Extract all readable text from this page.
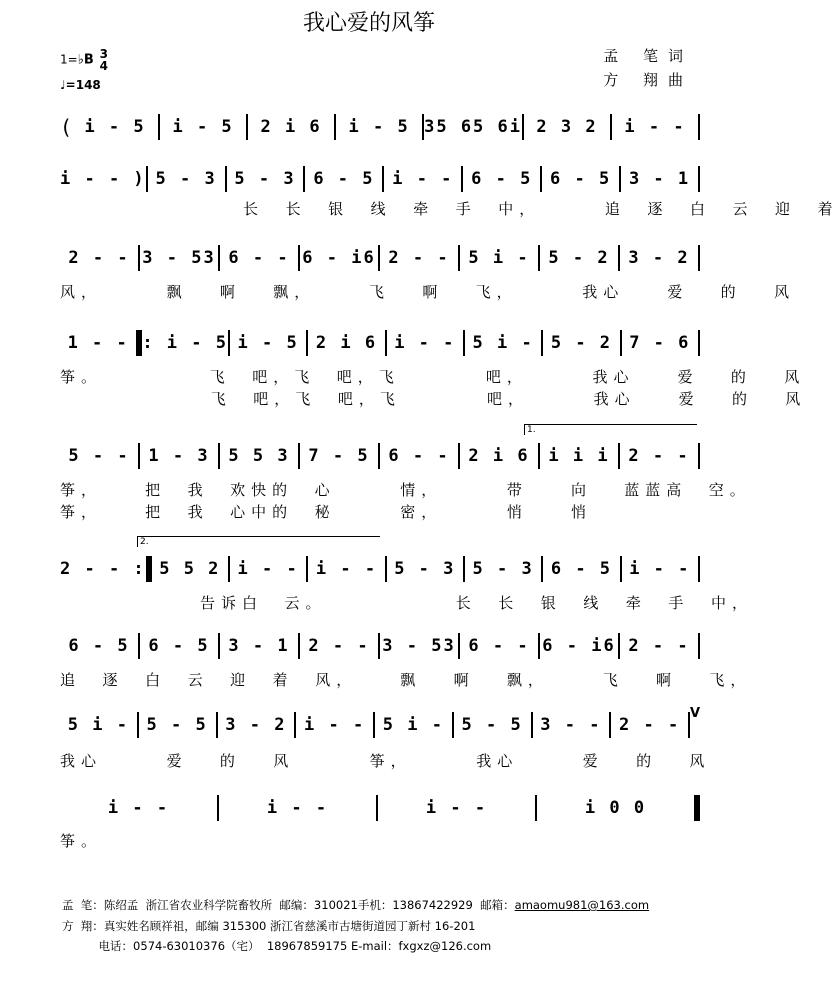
我心爱的风筝
孟 笔词
方 翔曲
1=♭B 3
4
♩=148
( i - 5	i - 5	2 i 6	i - 5 35 65 6i 2 3 2	i - -
i - - ) 5 - 3	5 - 3	6 - 5	i - -	6 - 5	6 - 5	3 - 1
2 - - 3 - 53 6 - - 6 - i6 2 - -	5 i -	5 - 2	3 - 2
1 - - : i - 5 i - 5	2 i 6	i - -	5 i -	5 - 2	7 - 6
5 - -	1 - 3	5 5 3	7 - 5	6 - -	2 i 6	i i i	2 - -
2 - - : 5 5 2	i - -	i - -	5 - 3	5 - 3	6 - 5	i - -
6 - 5	6 - 5	3 - 1	2 - - 3 - 53 6 - - 6 - i6 2 - -
5 i -	5 - 5	3 - 2	i - -	5 i -	5 - 5	3 - -	2 - -
V
i - -	i - -	i - -	i 0 0
长  长  银  线  牵  手  中，      追  逐  白  云  迎  着
风，      飘   啊   飘，     飞   啊   飞，      我心    爱   的   风
筝。          飞  吧，飞  吧，飞        吧，      我心    爱   的   风
飞  吧，飞  吧，飞        吧，      我心    爱   的   风
筝，    把  我  欢快的  心      情，      带    向   蓝蓝高  空。
筝，    把  我  心中的  秘      密，      悄    悄
告诉白  云。            长  长  银  线  牵  手  中，
追  逐  白  云  迎  着  风，    飘   啊   飘，     飞   啊   飞，
我心      爱   的   风       筝，      我心      爱   的   风
筝。
1.
2.
孟  笔：陈绍孟  浙江省农业科学院畜牧所  邮编：310021手机：13867422929  邮箱：amaomu981@163.com
方  翔：真实姓名顾祥祖，邮编 315300 浙江省慈溪市古塘街道园丁新村 16-201
电话：0574-63010376（宅）  18967859175 E-mail：fxgxz@126.com
